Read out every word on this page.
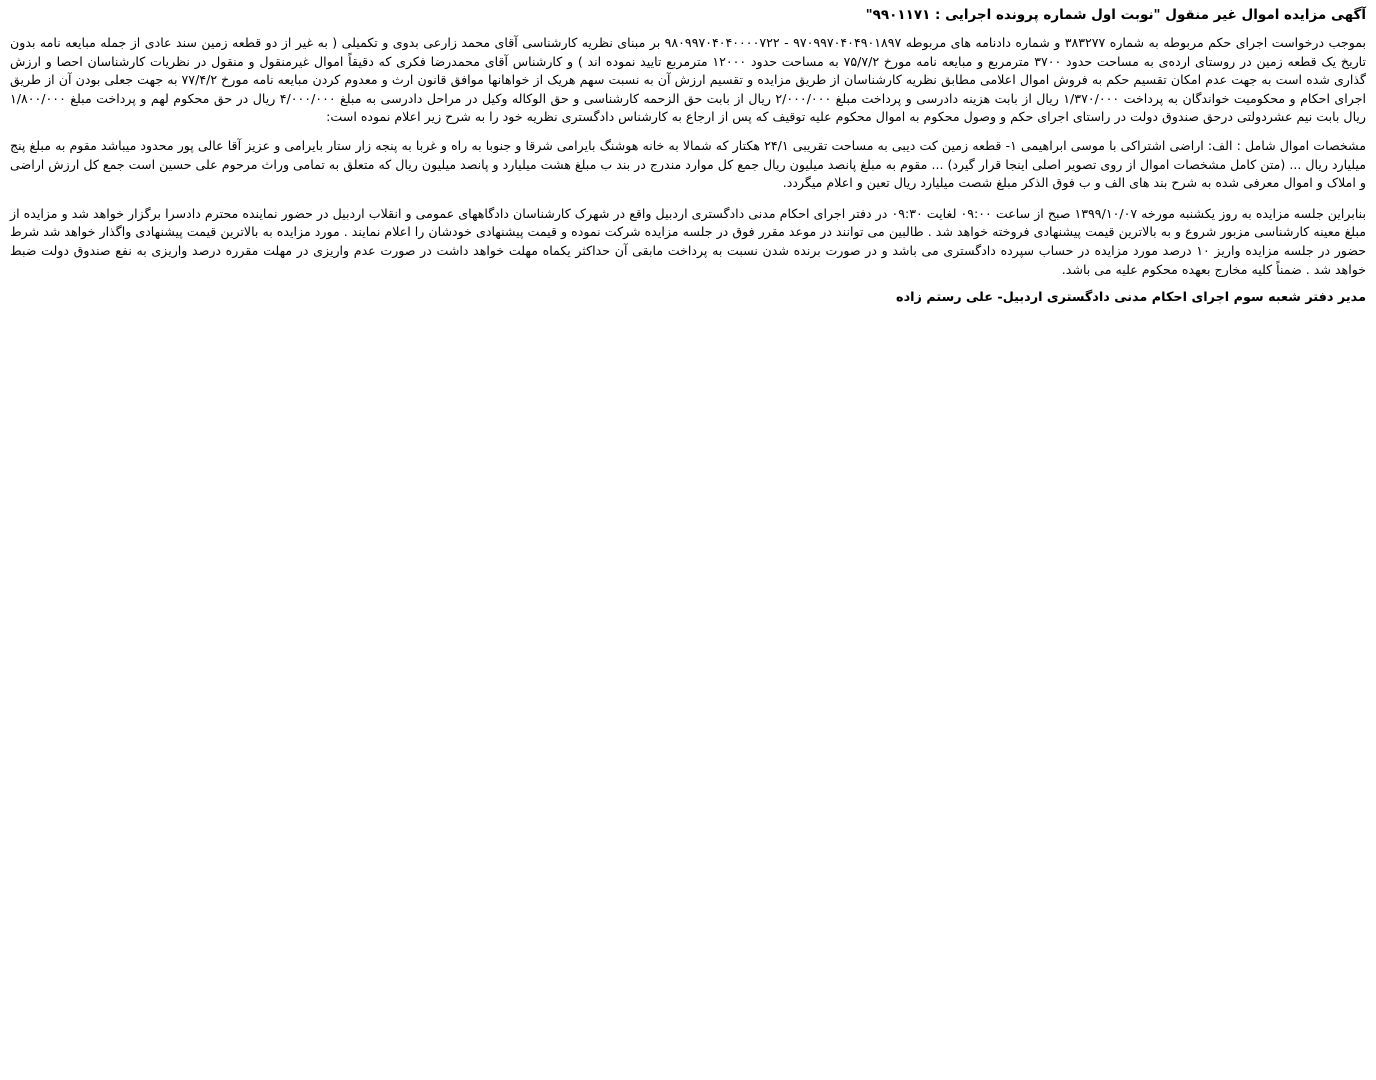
آگهی مزایده اموال غیر منقول "نوبت اول شماره پرونده اجرایی : ۹۹۰۱۱۷۱"
بموجب درخواست اجرای حکم مربوطه به شماره ۳۸۳۲۷۷ و شماره دادنامه های مربوطه ۹۷۰۹۹۷۰۴۰۴۹۰۱۸۹۷ - ۹۸۰۹۹۷۰۴۰۴۰۰۰۰۷۲۲ بر مبنای نظریه کارشناسی آقای محمد زارعی بدوی و تکمیلی ( به غیر از دو قطعه زمین سند عادی از جمله مبایعه نامه بدون تاریخ یک قطعه زمین در روستای ارده‌ی به مساحت حدود ۳۷۰۰ مترمربع و مبایعه نامه مورخ ۷۵/۷/۲ به مساحت حدود ۱۲۰۰۰ مترمربع تایید نموده اند ) و کارشناس آقای محمدرضا فکری که دقیقاً اموال غیرمنقول و منقول در نظریات کارشناسان احصا و ارزش گذاری شده است به جهت عدم امکان تقسیم حکم به فروش اموال اعلامی مطابق نظریه کارشناسان از طریق مزایده و تقسیم ارزش آن به نسبت سهم هریک از خواهانها موافق قانون ارث و معدوم کردن مبایعه نامه مورخ ۷۷/۴/۲ به جهت جعلی بودن آن از طریق اجرای احکام و محکومیت خواندگان به پرداخت ۱/۳۷۰/۰۰۰ ریال از بابت هزینه دادرسی و پرداخت مبلغ ۲/۰۰۰/۰۰۰ ریال از بابت حق الزحمه کارشناسی و حق الوکاله وکیل در مراحل دادرسی به مبلغ ۴/۰۰۰/۰۰۰ ریال در حق محکوم لهم و پرداخت مبلغ ۱/۸۰۰/۰۰۰ ریال بابت نیم عشردولتی درحق صندوق دولت در راستای اجرای حکم و وصول محکوم به اموال محکوم علیه توقیف که پس از ارجاع به کارشناس دادگستری نظریه خود را به شرح زیر اعلام نموده است:
مشخصات اموال شامل : الف: اراضی اشتراکی با موسی ابراهیمی ۱- قطعه زمین کت دیبی به مساحت تقریبی ۲۴/۱ هکتار که شمالا به خانه هوشنگ بایرامی شرقا و جنوبا به راه و غربا به پنجه زار ستار بایرامی و عزیز آقا عالی پور محدود میباشد مقوم به مبلغ پنج میلیارد ریال ... (متن کامل مشخصات اموال از روی تصویر اصلی اینجا قرار گیرد) ... مقوم به مبلغ پانصد میلیون ریال جمع کل موارد مندرج در بند ب مبلغ هشت میلیارد و پانصد میلیون ریال که متعلق به تمامی وراث مرحوم علی حسین است جمع کل ارزش اراضی و املاک و اموال معرفی شده به شرح بند های الف و ب فوق الذکر مبلغ شصت میلیارد ریال تعین و اعلام میگردد.
بنابراین جلسه مزایده به روز یکشنبه مورخه ۱۳۹۹/۱۰/۰۷ صبح از ساعت ۰۹:۰۰ لغایت ۰۹:۳۰ در دفتر اجرای احکام مدنی دادگستری اردبیل واقع در شهرک کارشناسان دادگاههای عمومی و انقلاب اردبیل در حضور نماینده محترم دادسرا برگزار خواهد شد و مزایده از مبلغ معینه کارشناسی مزبور شروع و به بالاترین قیمت پیشنهادی فروخته خواهد شد . طالبین می توانند در موعد مقرر فوق در جلسه مزایده شرکت نموده و قیمت پیشنهادی خودشان را اعلام نمایند . مورد مزایده به بالاترین قیمت پیشنهادی واگذار خواهد شد شرط حضور در جلسه مزایده واریز ۱۰ درصد مورد مزایده در حساب سپرده دادگستری می باشد و در صورت برنده شدن نسبت به پرداخت مابقی آن حداکثر یکماه مهلت خواهد داشت در صورت عدم واریزی در مهلت مقرره درصد واریزی به نفع صندوق دولت ضبط خواهد شد . ضمناً کلیه مخارج بعهده محکوم علیه می باشد.
مدیر دفتر شعبه سوم اجرای احکام مدنی دادگستری اردبیل- علی رستم زاده
